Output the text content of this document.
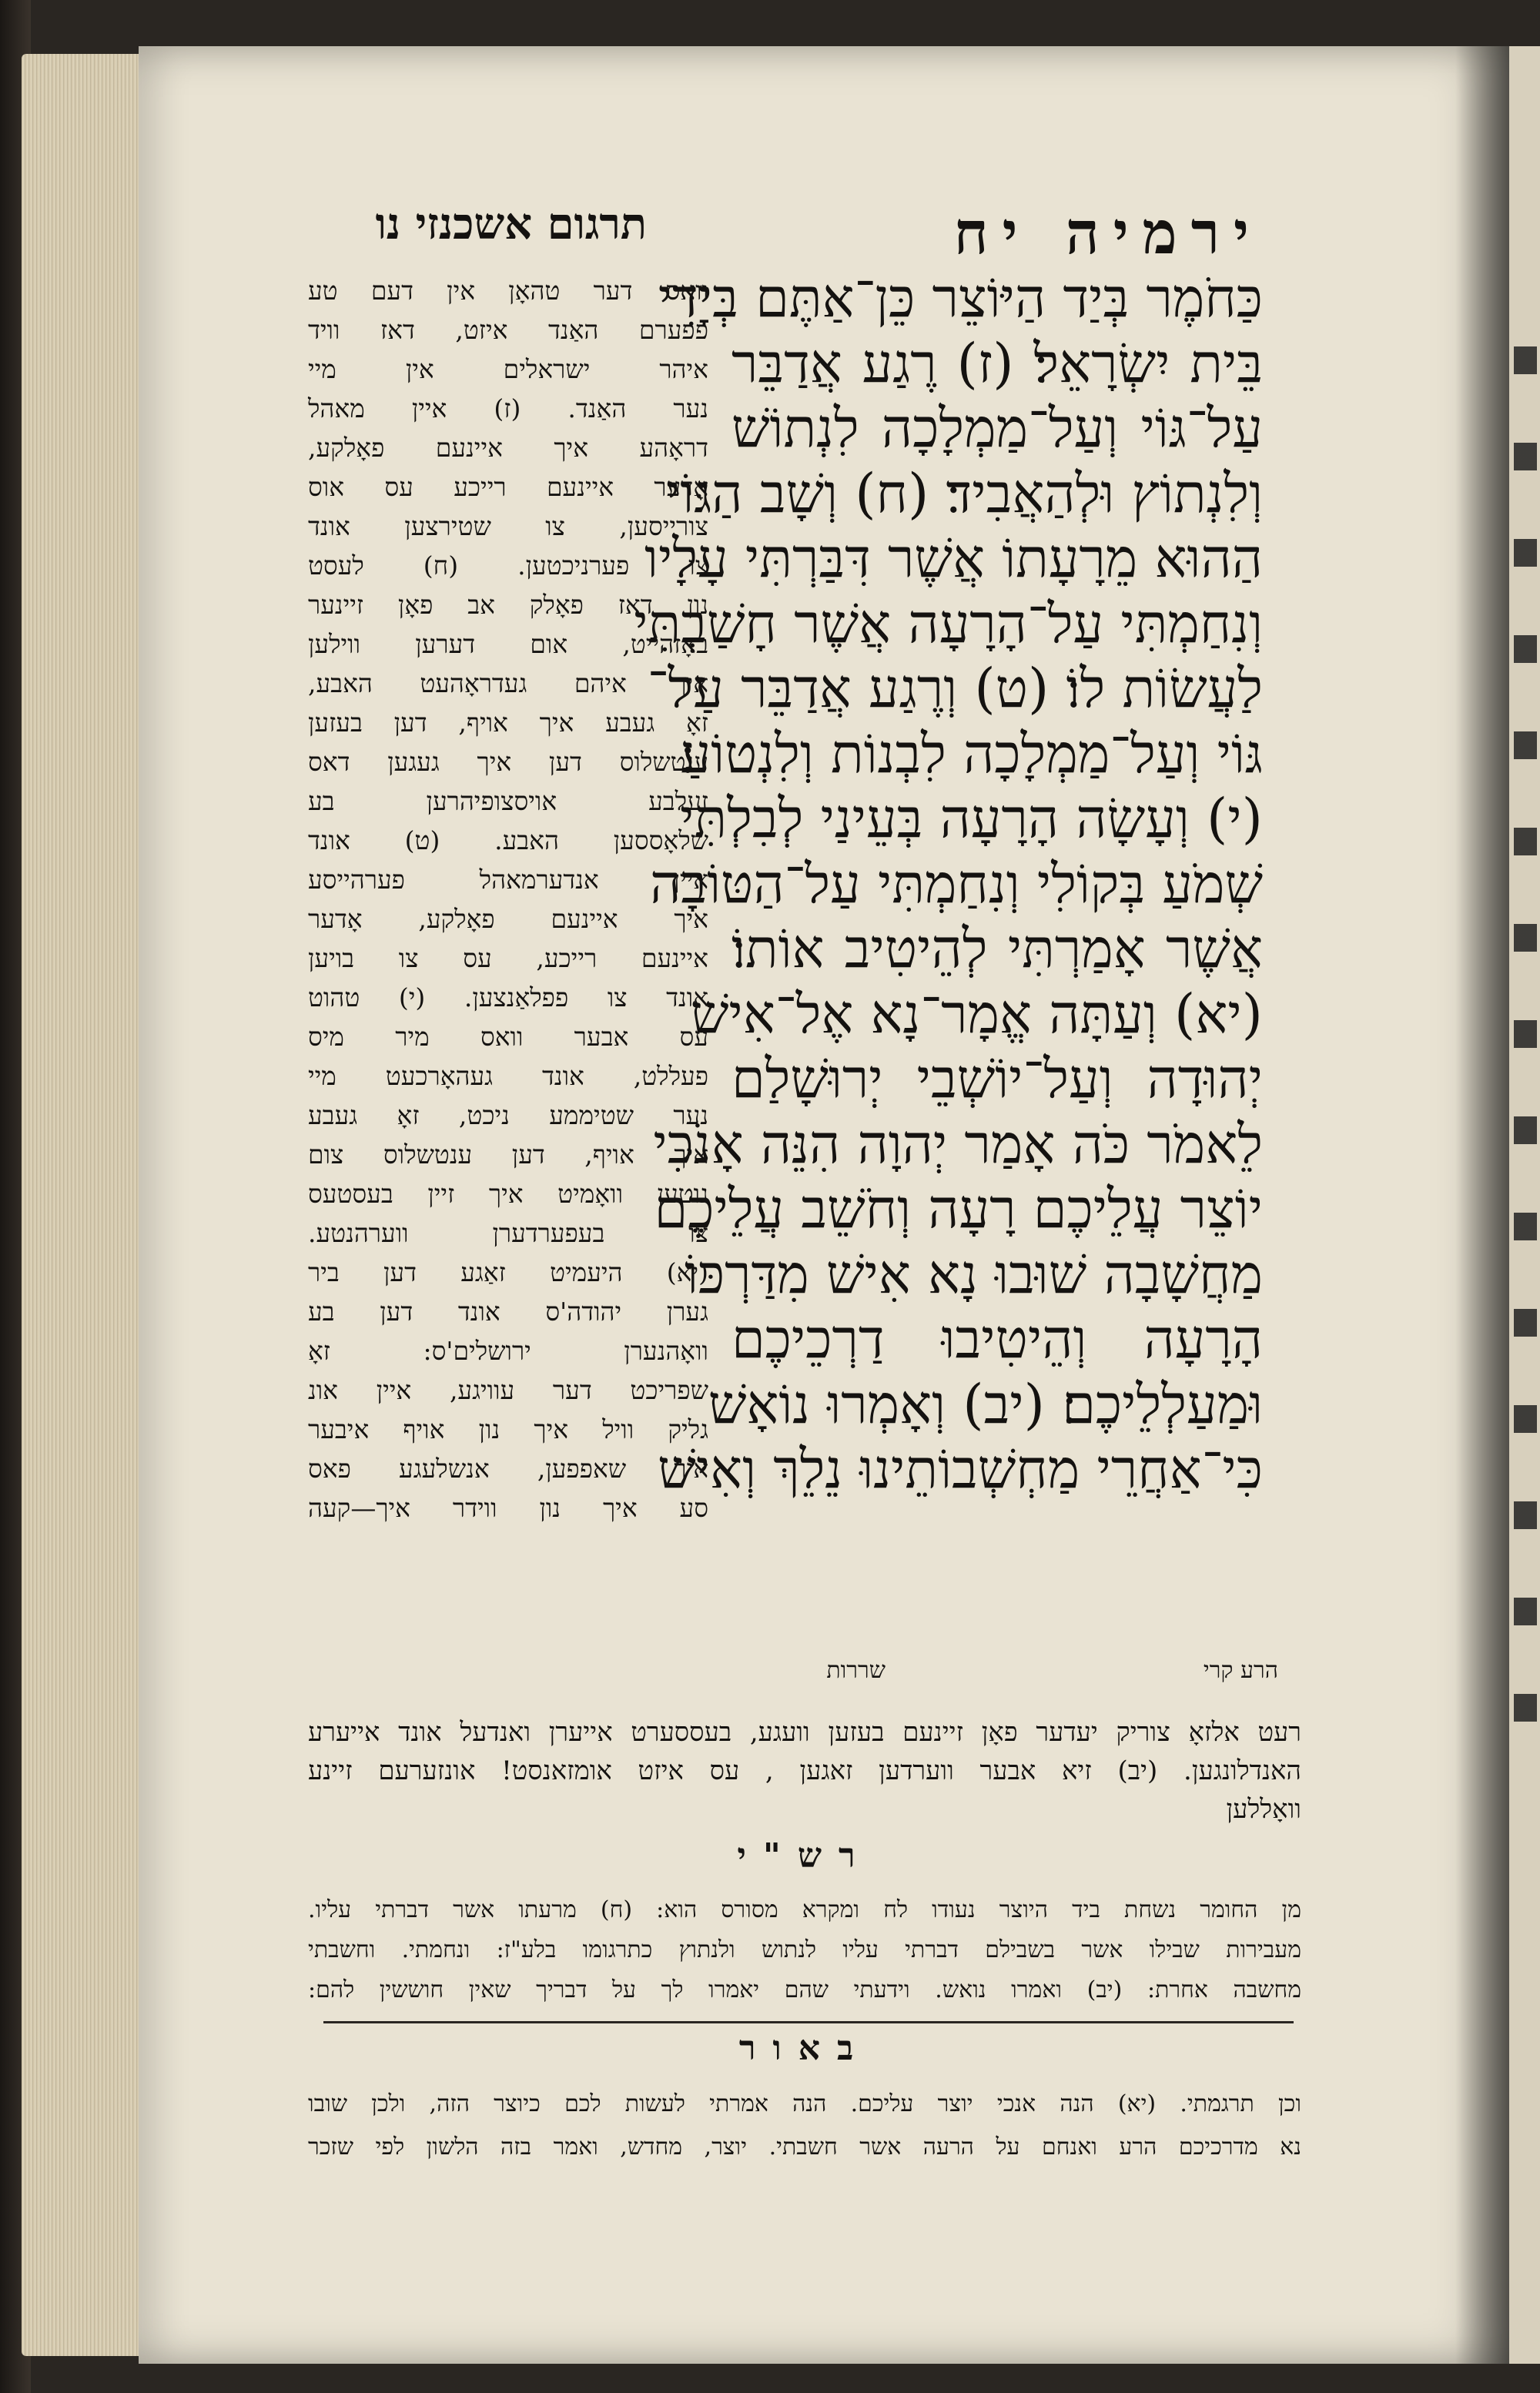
ירמיה יח
תרגום אשכנזי נו
כַּחֹמֶר בְּיַד הַיּוֹצֵר כֵּן־אַתֶּם בְּיָדִי
בֵּית יִשְׂרָאֵל׃ (ז) רֶגַע אֲדַבֵּר
עַל־גּוֹי וְעַל־מַמְלָכָה לִנְתוֹשׁ
וְלִנְתוֹץ וּלְהַאֲבִיד׃ (ח) וְשָׁב הַגּוֹי
הַהוּא מֵרָעָתוֹ אֲשֶׁר דִּבַּרְתִּי עָלָיו
וְנִחַמְתִּי עַל־הָרָעָה אֲשֶׁר חָשַׁבְתִּי
לַעֲשׂוֹת לוֹ׃ (ט) וְרֶגַע אֲדַבֵּר עַל־
גּוֹי וְעַל־מַמְלָכָה לִבְנוֹת וְלִנְטוֹעַ׃
(י) וְעָשָׂה הָרָעָה בְּעֵינַי לְבִלְתִּי
שְׁמֹעַ בְּקוֹלִי וְנִחַמְתִּי עַל־הַטּוֹבָה
אֲשֶׁר אָמַרְתִּי לְהֵיטִיב אוֹתוֹ׃
(יא) וְעַתָּה אֱמָר־נָא אֶל־אִישׁ
יְהוּדָה וְעַל־יוֹשְׁבֵי יְרוּשָׁלַם
לֵאמֹר כֹּה אָמַר יְהוָה הִנֵּה אָנֹכִי
יוֹצֵר עֲלֵיכֶם רָעָה וְחֹשֵׁב עֲלֵיכֶם
מַחֲשָׁבָה שׁוּבוּ נָא אִישׁ מִדַּרְכּוֹ
הָרָעָה וְהֵיטִיבוּ דַרְכֵיכֶם
וּמַעַלְלֵיכֶם׃ (יב) וְאָמְרוּ נוֹאָשׁ
כִּי־אַחֲרֵי מַחְשְׁבוֹתֵינוּ נֵלֵךְ וְאִישׁ
וואס דער טהאָן אין דעם טע
פפערם האַנד איזט, דאז וויד
איהר ישראלים אין מיי
נער האַנד. (ז) איין מאהל
דראָהע איך איינעם פאָלקע,
אָדער איינעם רייכע עס אוס
צורייסען, צו שטירצען אונד
צו פערניכטען. (ח) לעסט
נון דאז פאָלק אב פאָן זיינער
באָזהייט, אום דערען ווילען
איך איהם געדראָהעט האבע,
זאָ געבע איך אויף, דען בעזען
ענטשלוס דען איך געגען דאס
זעלבע אויסצופיהרען בע
שלאָססען האבע. (ט) אונד
איין אנדערמאהל פערהייסע
איך איינעם פאָלקע, אָדער
איינעם רייכע, עס צו בויען
אונד צו פפלאַנצען. (י) טהוט
עס אבער וואס מיר מיס
פעללט, אונד געהאָרכעט מיי
נער שטיממע ניכט, זאָ געבע
איך אויף, דען ענטשלוס צום
גוטען וואָמיט איך זיין בעסטעס
צו בעפערדערן ווערהנטע.
(יא) היעמיט זאַגע דען ביר
גערן יהודה'ס אונד דען בע
וואָהנערן ירושלים'ס: זאָ
שפריכט דער עוויגע, איין אונ
גליק וויל איך נון אויף איבער
איך שאפפען, אנשלעגע פאס
סע איך נון ווידר איך—קעה
הרע קרי
שררות
רעט אלזאָ צוריק יעדער פאָן זיינעם בעזען וועגע, בעססערט אייערן ואנדעל אונד אייערע
האנדלונגען. (יב) זיא אבער ווערדען זאגען , עס איזט אומזאנסט! אונזערעם זיינע
וואָללען
רש"י
מן החומר נשחת ביד היוצר נעודו לח ומקרא מסורס הוא: (ח) מרעתו אשר דברתי עליו.
מעבירות שבילו אשר בשבילם דברתי עליו לנתוש ולנתוץ כתרגומו בלע"ז: ונחמתי. וחשבתי
מחשבה אחרת: (יב) ואמרו נואש. וידעתי שהם יאמרו לך על דבריך שאין חוששין להם:
באור
וכן תרגמתי. (יא) הנה אנכי יוצר עליכם. הנה אמרתי לעשות לכם כיוצר הזה, ולכן שובו
נא מדרכיכם הרע ואנחם על הרעה אשר חשבתי. יוצר, מחדש, ואמר בזה הלשון לפי שזכר
